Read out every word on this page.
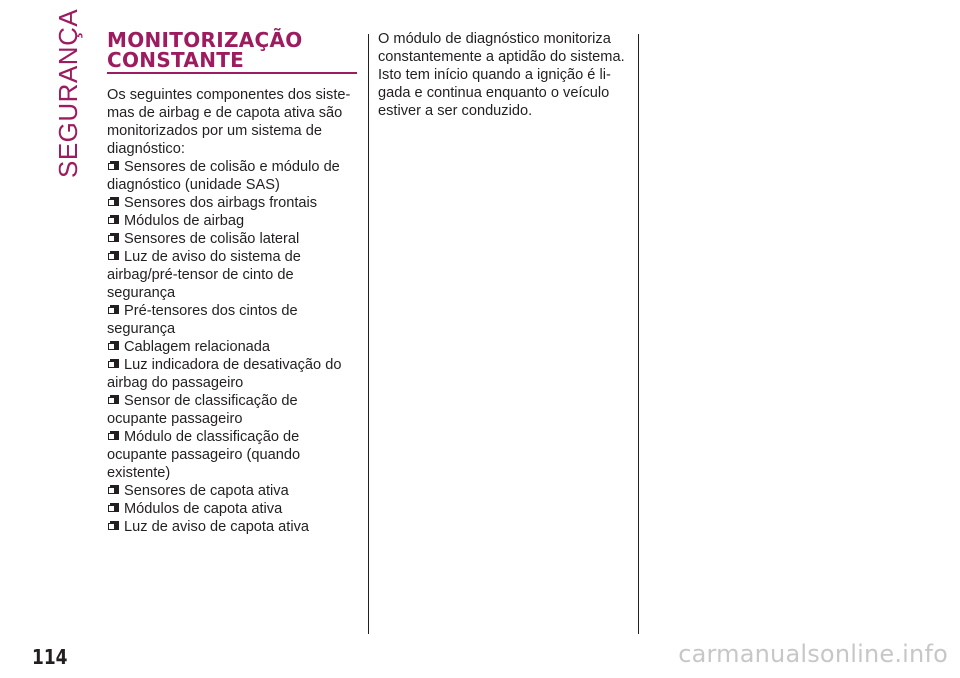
SEGURANÇA MONITORIZAÇÃO
CONSTANTE
Os seguintes componentes dos siste-mas de airbag e de capota ativa são monitorizados por um sistema de diagnóstico:
Sensores de colisão e módulo de diagnóstico (unidade SAS)
Sensores dos airbags frontais
Módulos de airbag
Sensores de colisão lateral
Luz de aviso do sistema de airbag/pré-tensor de cinto de segurança
Pré-tensores dos cintos de segurança
Cablagem relacionada
Luz indicadora de desativação do airbag do passageiro
Sensor de classificação de ocupante passageiro
Módulo de classificação de ocupante passageiro (quando existente)
Sensores de capota ativa
Módulos de capota ativa
Luz de aviso de capota ativa
O módulo de diagnóstico monitoriza constantemente a aptidão do sistema. Isto tem início quando a ignição é li-gada e continua enquanto o veículo estiver a ser conduzido.
114	carmanualsonline.info
